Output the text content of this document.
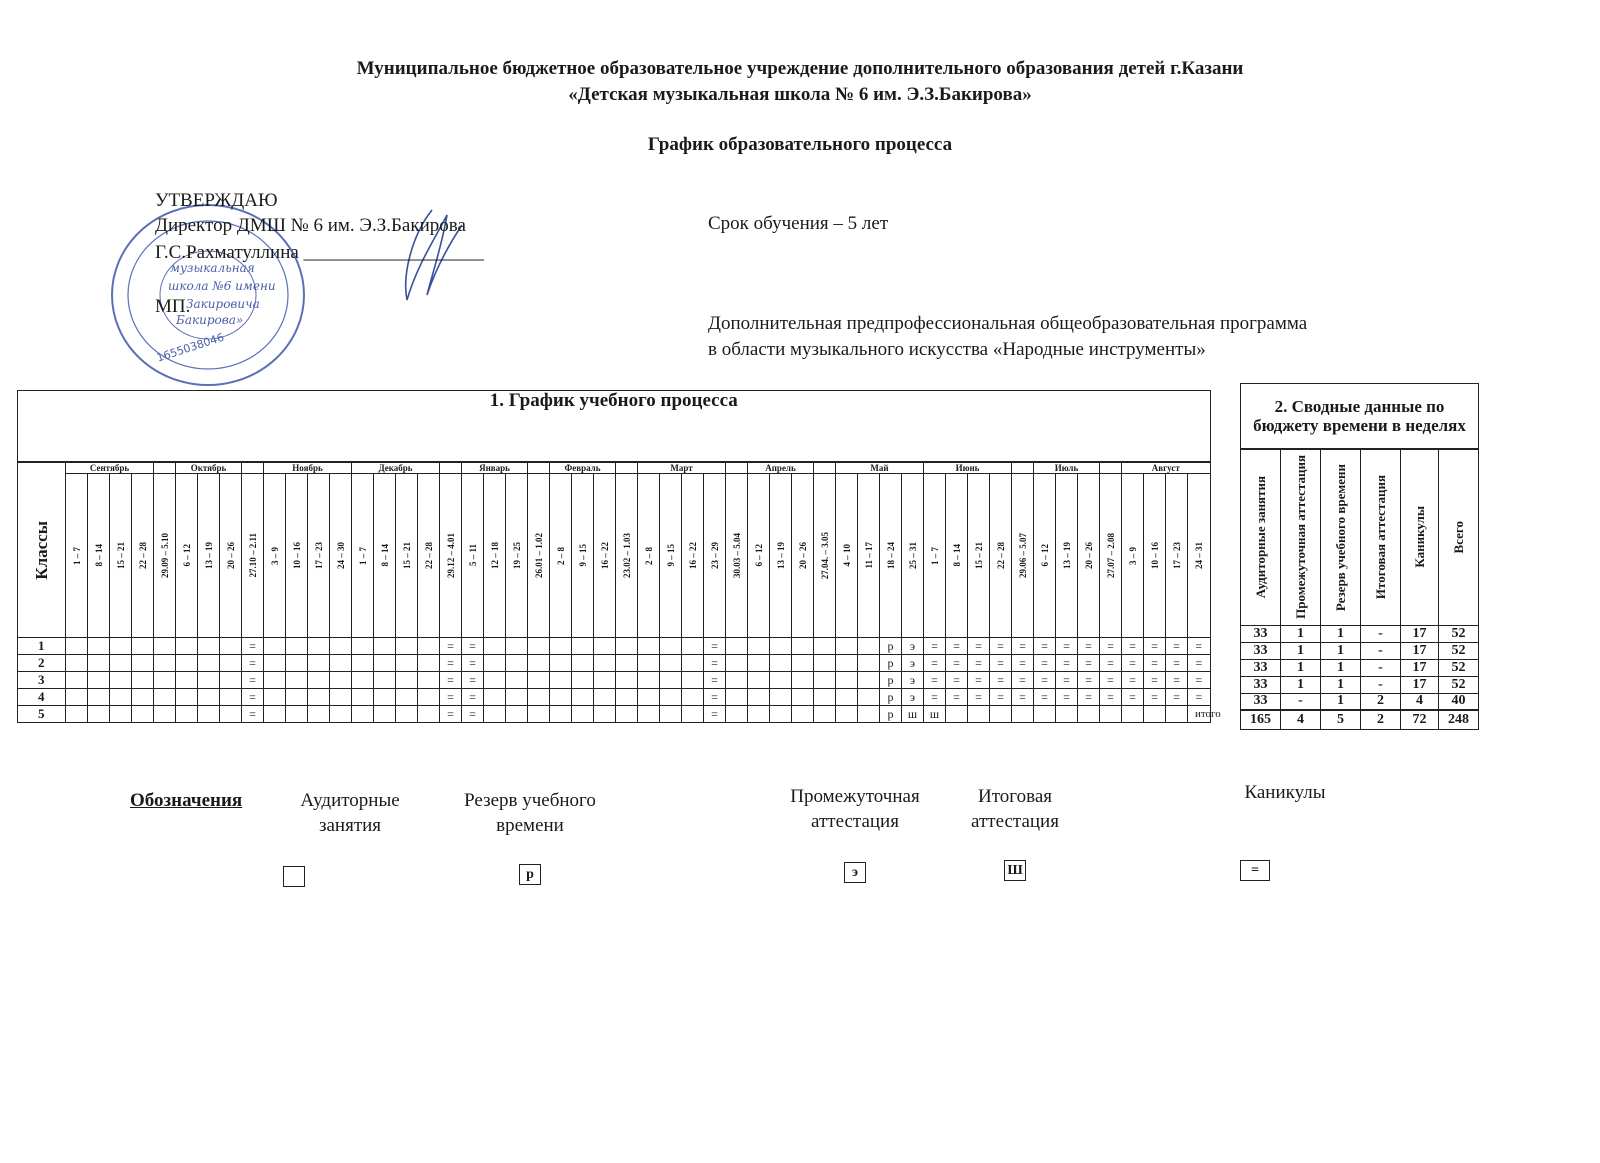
Муниципальное бюджетное образовательное учреждение дополнительного образования детей г.Казани
«Детская музыкальная школа № 6 им. Э.З.Бакирова»
График образовательного процесса
музыкальная
школа №6 имени
Закировича
Бакирова»
1655038046
УТВЕРЖДАЮ
Директор ДМШ № 6 им. Э.З.Бакирова
Г.С.Рахматуллина ___________________
МП.
Срок обучения – 5 лет
Дополнительная предпрофессиональная общеобразовательная программа
в области музыкального искусства «Народные инструменты»
1. График учебного процесса																																																				

Классы	Сентябрь					Октябрь				Ноябрь				Декабрь					Январь				Февраль				Март					Апрель				Май				Июнь					Июль				Август			

	1 – 7	8 – 14	15 – 21	22 – 28	29.09 – 5.10	6 – 12	13 – 19	20 – 26	27.10 – 2.11	3 – 9	10 – 16	17 – 23	24 – 30	1 – 7	8 – 14	15 – 21	22 – 28	29.12 – 4.01	5 – 11	12 – 18	19 – 25	26.01 – 1.02	2 – 8	9 – 15	16 – 22	23.02 – 1.03	2 – 8	9 – 15	16 – 22	23 – 29	30.03 – 5.04	6 – 12	13 – 19	20 – 26	27.04. – 3.05	4 – 10	11 – 17	18 – 24	25 – 31	1 – 7	8 – 14	15 – 21	22 – 28	29.06 – 5.07	6 – 12	13 – 19	20 – 26	27.07 – 2.08	3 – 9	10 – 16	17 – 23	24 – 31

1									=									=	=											=								р	э	=	=	=	=	=	=	=	=	=	=	=	=	=
2									=									=	=											=								р	э	=	=	=	=	=	=	=	=	=	=	=	=	=
3									=									=	=											=								р	э	=	=	=	=	=	=	=	=	=	=	=	=	=
4									=									=	=											=								р	э	=	=	=	=	=	=	=	=	=	=	=	=	=
5									=									=	=											=								р	ш	ш												
2. Сводные данные по бюджету времени в неделях					

Аудиторные занятия	Промежуточная аттестация	Резерв учебного времени	Итоговая аттестация	Каникулы	Всего

33	1	1	-	17	52
33	1	1	-	17	52
33	1	1	-	17	52
33	1	1	-	17	52
33	-	1	2	4	40
165	4	5	2	72	248
итого
Обозначения	Аудиторные
занятия
Резерв учебного
времени
Промежуточная
аттестация
Итоговая
аттестация
Каникулы
р	э	Ш	=
